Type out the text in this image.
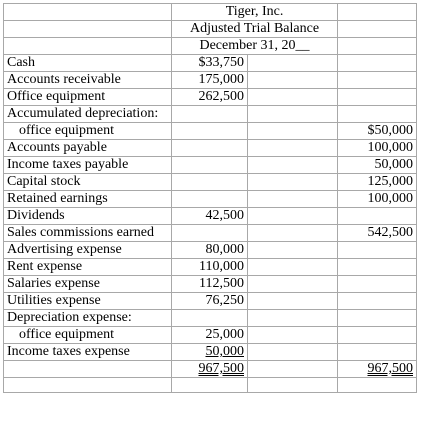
	Tiger, Inc.		
	Adjusted Trial Balance		
	December 31, 20__		
Cash	$33,750		
Accounts receivable	175,000		
Office equipment	262,500		
Accumulated depreciation:			
office equipment			$50,000
Accounts payable			100,000
Income taxes payable			50,000
Capital stock			125,000
Retained earnings			100,000
Dividends	42,500		
Sales commissions earned			542,500
Advertising expense	80,000		
Rent expense	110,000		
Salaries expense	112,500		
Utilities expense	76,250		
Depreciation expense:			
office equipment	25,000		
Income taxes expense	50,000		
	967,500		967,500
